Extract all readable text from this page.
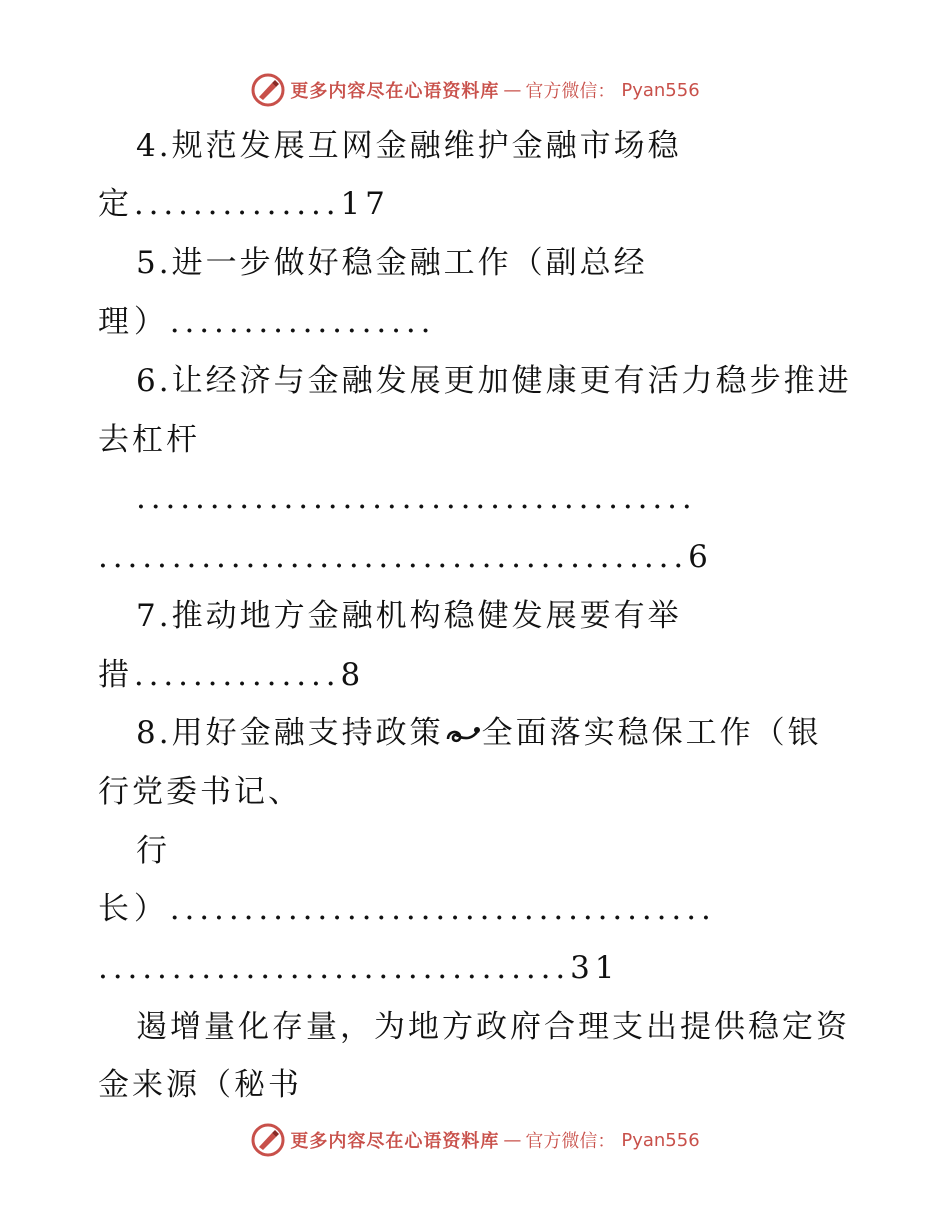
更多内容尽在心语资料库 — 官方微信： Pyan556
4.规范发展互网金融维护金融市场稳
定..............17
5.进一步做好稳金融工作（副总经
理）..................
6.让经济与金融发展更加健康更有活力稳步推进
去杠杆
......................................
........................................6
7.推动地方金融机构稳健发展要有举
措..............8
8.用好金融支持政策 全面落实稳保工作（银
行党委书记、
行
长）.....................................
................................31
遏增量化存量，为地方政府合理支出提供稳定资
金来源（秘书
更多内容尽在心语资料库 — 官方微信： Pyan556
